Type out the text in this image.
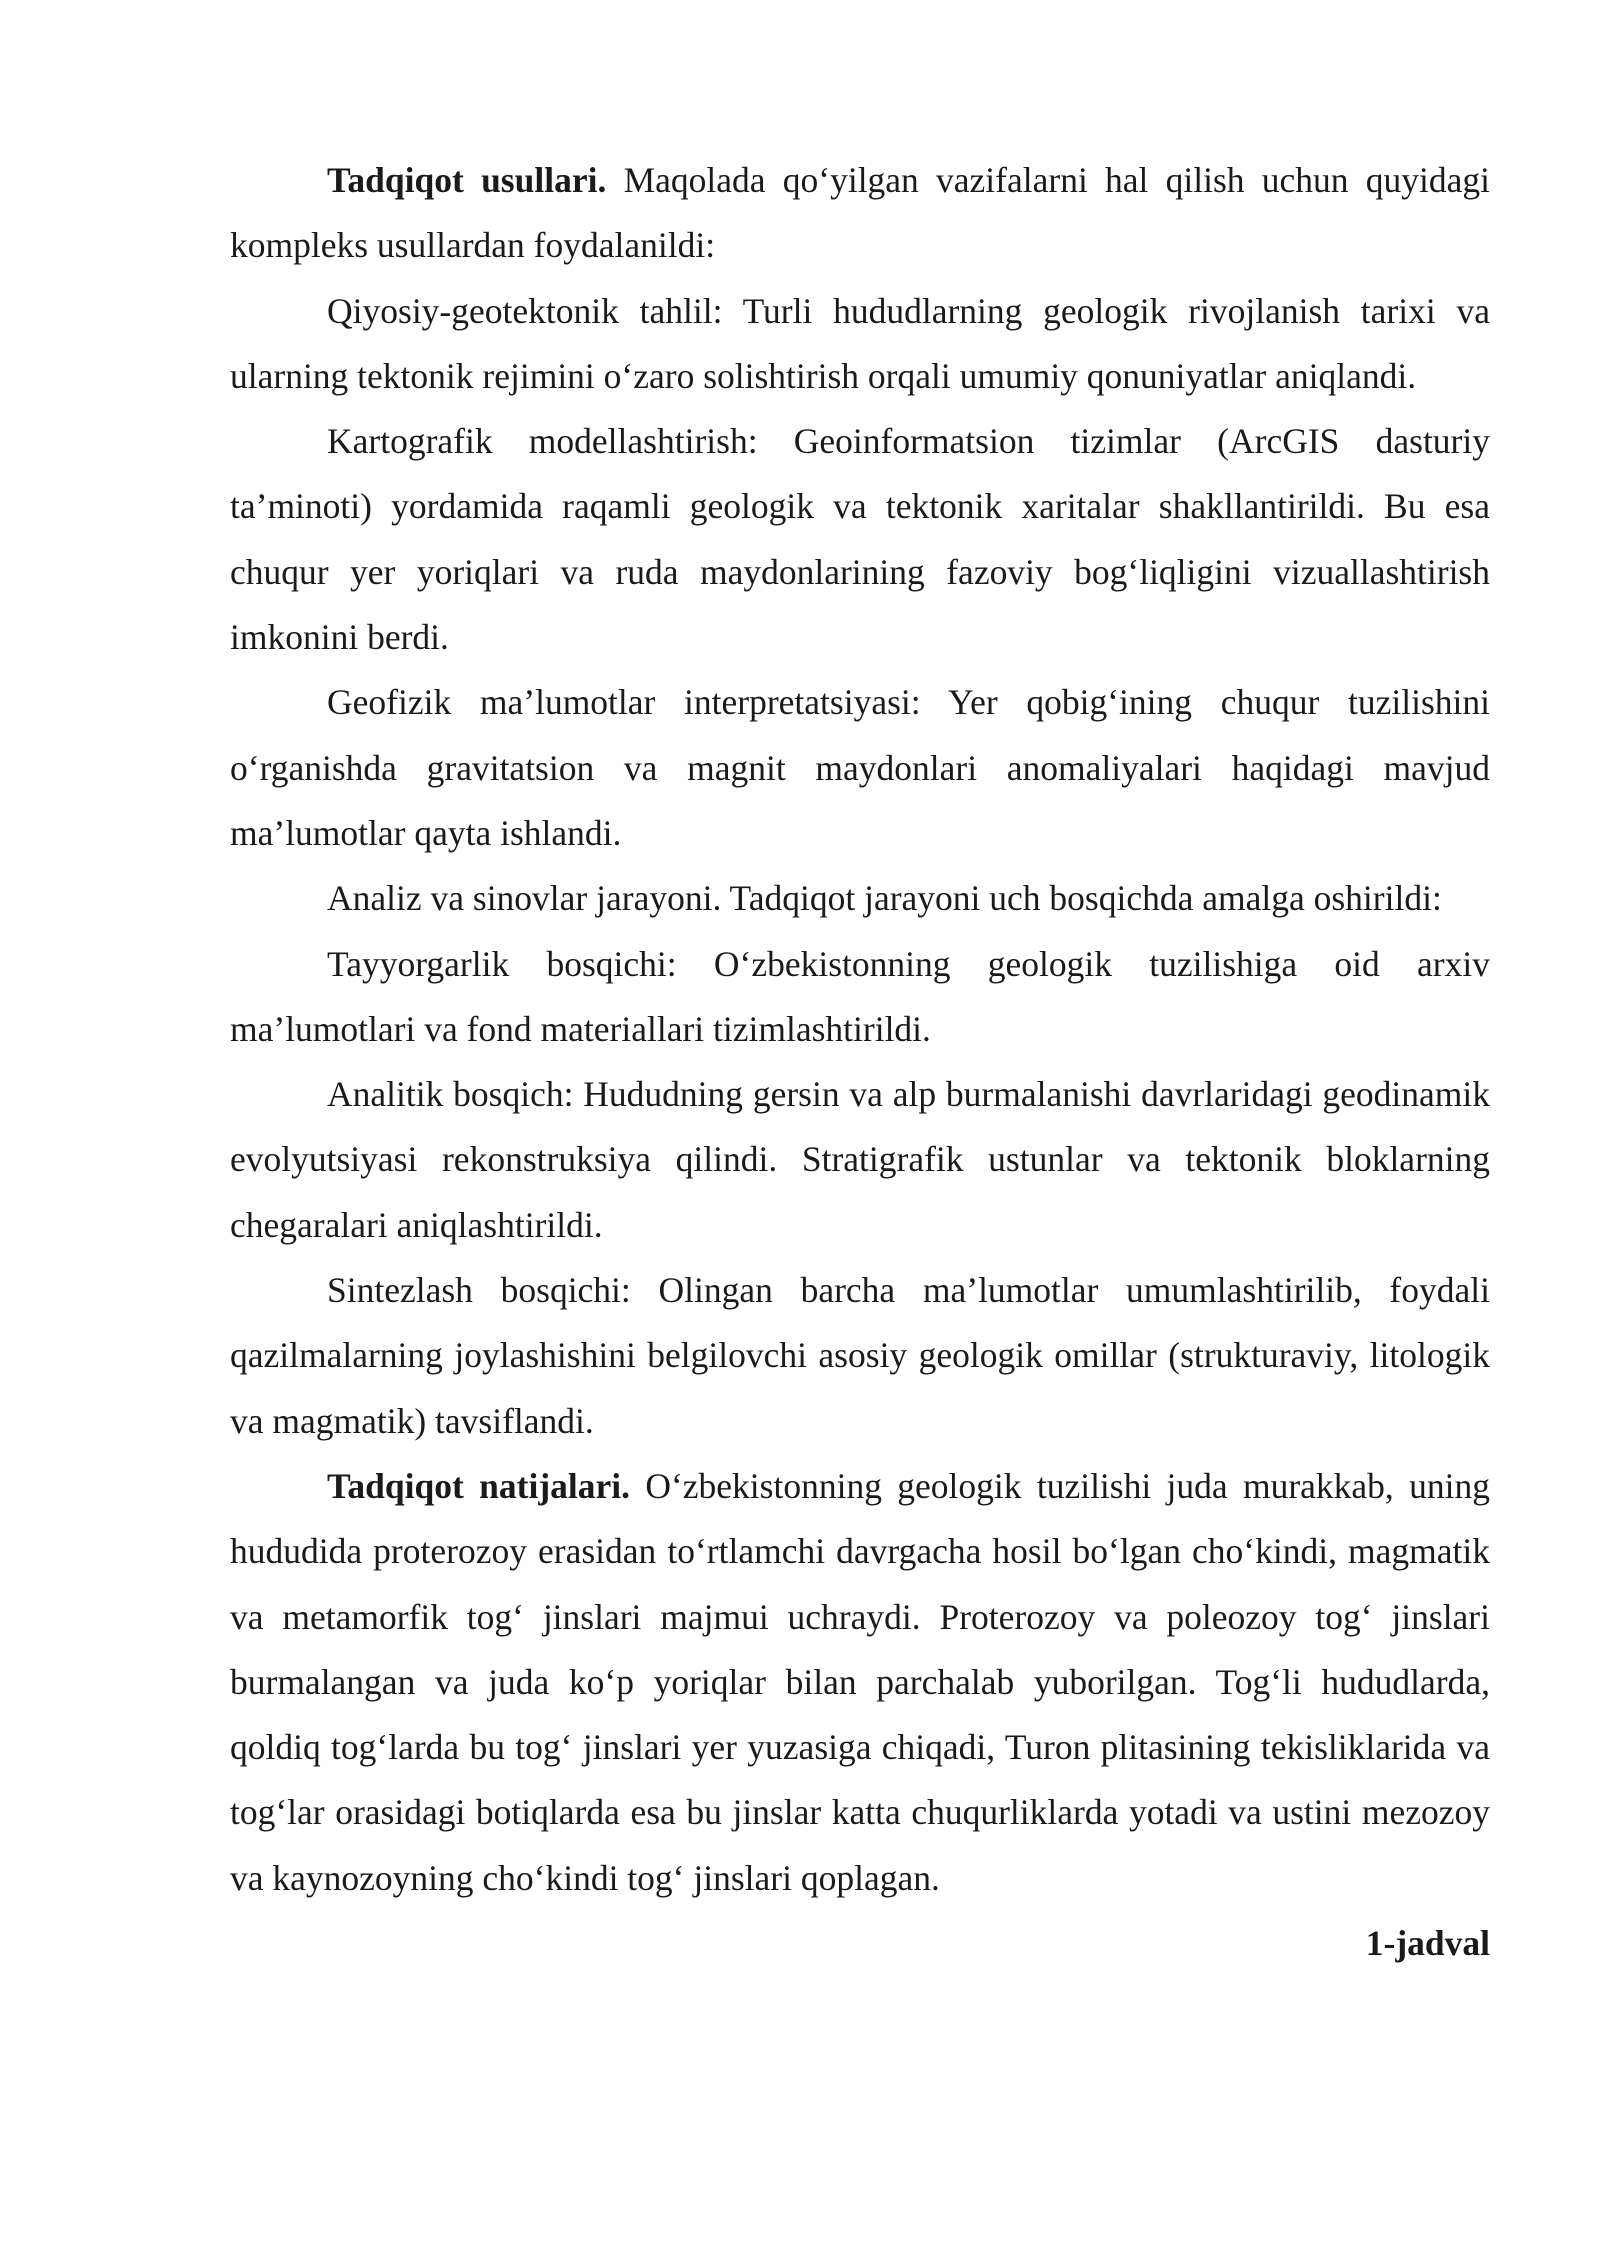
Tadqiqot usullari. Maqolada qo‘yilgan vazifalarni hal qilish uchun quyidagi kompleks usullardan foydalanildi:

Qiyosiy-geotektonik tahlil: Turli hududlarning geologik rivojlanish tarixi va ularning tektonik rejimini o‘zaro solishtirish orqali umumiy qonuniyatlar aniqlandi.

Kartografik modellashtirish: Geoinformatsion tizimlar (ArcGIS dasturiy ta’minoti) yordamida raqamli geologik va tektonik xaritalar shakllantirildi. Bu esa chuqur yer yoriqlari va ruda maydonlarining fazoviy bog‘liqligini vizuallashtirish imkonini berdi.

Geofizik ma’lumotlar interpretatsiyasi: Yer qobig‘ining chuqur tuzilishini o‘rganishda gravitatsion va magnit maydonlari anomaliyalari haqidagi mavjud ma’lumotlar qayta ishlandi.

Analiz va sinovlar jarayoni. Tadqiqot jarayoni uch bosqichda amalga oshirildi:

Tayyorgarlik bosqichi: O‘zbekistonning geologik tuzilishiga oid arxiv ma’lumotlari va fond materiallari tizimlashtirildi.

Analitik bosqich: Hududning gersin va alp burmalanishi davrlaridagi geodinamik evolyutsiyasi rekonstruksiya qilindi. Stratigrafik ustunlar va tektonik bloklarning chegaralari aniqlashtirildi.

Sintezlash bosqichi: Olingan barcha ma’lumotlar umumlashtirilib, foydali qazilmalarning joylashishini belgilovchi asosiy geologik omillar (strukturaviy, litologik va magmatik) tavsiflandi.

Tadqiqot natijalari. O‘zbekistonning geologik tuzilishi juda murakkab, uning hududida proterozoy erasidan to‘rtlamchi davrgacha hosil bo‘lgan cho‘kindi, magmatik va metamorfik tog‘ jinslari majmui uchraydi. Proterozoy va poleozoy tog‘ jinslari burmalangan va juda ko‘p yoriqlar bilan parchalab yuborilgan. Tog‘li hududlarda, qoldiq tog‘larda bu tog‘ jinslari yer yuzasiga chiqadi, Turon plitasining tekisliklarida va tog‘lar orasidagi botiqlarda esa bu jinslar katta chuqurliklarda yotadi va ustini mezozoy va kaynozoyning cho‘kindi tog‘ jinslari qoplagan.

1-jadval
